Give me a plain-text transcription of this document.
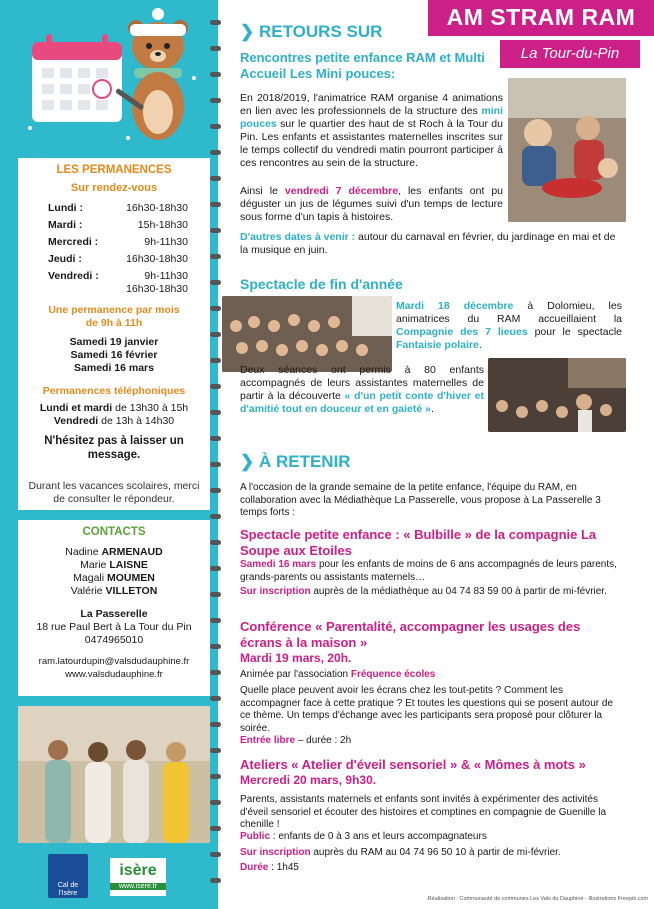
LES PERMANENCES
Sur rendez-vous
Lundi :	16h30-18h30
Mardi :	15h-18h30
Mercredi :	9h-11h30
Jeudi :	16h30-18h30
Vendredi :	9h-11h30
16h30-18h30
Une permanence par mois
de 9h à 11h
Samedi 19 janvier
Samedi 16 février
Samedi 16 mars
Permanences téléphoniques
Lundi et mardi de 13h30 à 15h
Vendredi de 13h à 14h30
N'hésitez pas à laisser un message.
Durant les vacances scolaires, merci de consulter le répondeur.
CONTACTS
Nadine ARMENAUD
Marie LAISNE
Magali MOUMEN
Valérie VILLETON
La Passerelle
18 rue Paul Bert à La Tour du Pin
0474965010
ram.latourdupin@valsdudauphine.fr
www.valsdudauphine.fr
Cal de l'Isère
isère
www.isere.fr
AM STRAM RAM
La Tour-du-Pin
❯ RETOURS SUR
Rencontres petite enfance RAM et Multi Accueil Les Mini pouces:
En 2018/2019, l'animatrice RAM organise 4 animations en lien avec les professionnels de la structure des mini pouces sur le quartier des haut de st Roch à la Tour du Pin. Les enfants et assistantes maternelles inscrites sur le temps collectif du vendredi matin pourront participer à ces rencontres au sein de la structure.
Ainsi le vendredi 7 décembre, les enfants ont pu déguster un jus de légumes suivi d'un temps de lecture sous forme d'un tapis à histoires.
D'autres dates à venir : autour du carnaval en février, du jardinage en mai et de la musique en juin.
Spectacle de fin d'année
Mardi 18 décembre à Dolomieu, les animatrices du RAM accueillaient la Compagnie des 7 lieues pour le spectacle Fantaisie polaire.
Deux séances ont permis à 80 enfants accompagnés de leurs assistantes maternelles de partir à la découverte « d'un petit conte d'hiver et d'amitié tout en douceur et en gaieté ».
❯ À RETENIR
A l'occasion de la grande semaine de la petite enfance, l'équipe du RAM, en collaboration avec la Médiathèque La Passerelle, vous propose à La Passerelle 3 temps forts :
Spectacle petite enfance : « Bulbille » de la compagnie La Soupe aux Etoiles
Samedi 16 mars pour les enfants de moins de 6 ans accompagnés de leurs parents, grands-parents ou assistants maternels…
Sur inscription auprès de la médiathèque au 04 74 83 59 00 à partir de mi-février.
Conférence « Parentalité, accompagner les usages des écrans à la maison »
Mardi 19 mars, 20h.
Animée par l'association Fréquence écoles
Quelle place peuvent avoir les écrans chez les tout-petits ? Comment les accompagner face à cette pratique ? Et toutes les questions qui se posent autour de ce thème. Un temps d'échange avec les participants sera proposé pour clôturer la soirée.
Entrée libre – durée : 2h
Ateliers « Atelier d'éveil sensoriel » & « Mômes à mots »
Mercredi 20 mars, 9h30.
Parents, assistants maternels et enfants sont invités à expérimenter des activités d'éveil sensoriel et écouter des histoires et comptines en compagnie de Guenille la chenille !
Public : enfants de 0 à 3 ans et leurs accompagnateurs
Sur inscription auprès du RAM au 04 74 96 50 10 à partir de mi-février.
Durée : 1h45
Réalisation : Communauté de communes Les Vals du Dauphiné - Illustrations Freepik.com
